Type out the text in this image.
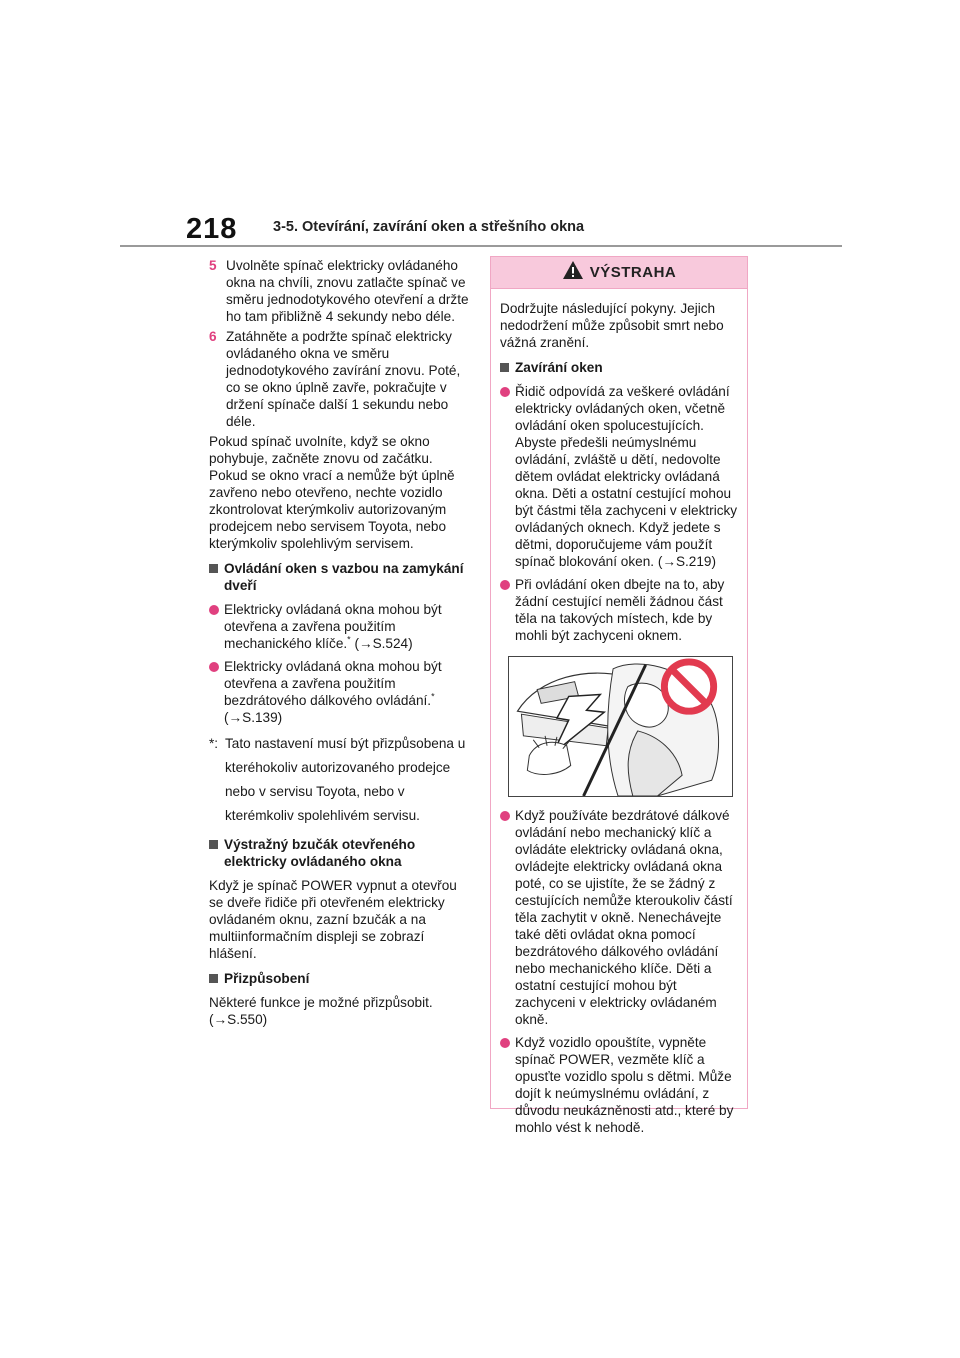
218 3-5. Otevírání, zavírání oken a střešního okna
5 Uvolněte spínač elektricky ovládaného okna na chvíli, znovu zatlačte spínač ve směru jednodotykového otevření a držte ho tam přibližně 4 sekundy nebo déle.
6 Zatáhněte a podržte spínač elektricky ovládaného okna ve směru jednodotykového zavírání znovu. Poté, co se okno úplně zavře, pokračujte v držení spínače další 1 sekundu nebo déle.
Pokud spínač uvolníte, když se okno pohybuje, začněte znovu od začátku. Pokud se okno vrací a nemůže být úplně zavřeno nebo otevřeno, nechte vozidlo zkontrolovat kterýmkoliv autorizovaným prodejcem nebo servisem Toyota, nebo kterýmkoliv spolehlivým servisem.
Ovládání oken s vazbou na zamykání dveří
Elektricky ovládaná okna mohou být otevřena a zavřena použitím mechanického klíče.* (→S.524)
Elektricky ovládaná okna mohou být otevřena a zavřena použitím bezdrátového dálkového ovládání.* (→S.139)
*: Tato nastavení musí být přizpůsobena u kteréhokoliv autorizovaného prodejce nebo v servisu Toyota, nebo v kterémkoliv spolehlivém servisu.
Výstražný bzučák otevřeného elektricky ovládaného okna
Když je spínač POWER vypnut a otevřou se dveře řidiče při otevřeném elektricky ovládaném oknu, zazní bzučák a na multiinformačním displeji se zobrazí hlášení.
Přizpůsobení
Některé funkce je možné přizpůsobit. (→S.550)
VÝSTRAHA
Dodržujte následující pokyny. Jejich nedodržení může způsobit smrt nebo vážná zranění.
Zavírání oken
Řidič odpovídá za veškeré ovládání elektricky ovládaných oken, včetně ovládání oken spolucestujících. Abyste předešli neúmyslnému ovládání, zvláště u dětí, nedovolte dětem ovládat elektricky ovládaná okna. Děti a ostatní cestující mohou být částmi těla zachyceni v elektricky ovládaných oknech. Když jedete s dětmi, doporučujeme vám použít spínač blokování oken. (→S.219)
Při ovládání oken dbejte na to, aby žádní cestující neměli žádnou část těla na takových místech, kde by mohli být zachyceni oknem.
Když používáte bezdrátové dálkové ovládání nebo mechanický klíč a ovládáte elektricky ovládaná okna, ovládejte elektricky ovládaná okna poté, co se ujistíte, že se žádný z cestujících nemůže kteroukoliv částí těla zachytit v okně. Nenechávejte také děti ovládat okna pomocí bezdrátového dálkového ovládání nebo mechanického klíče. Děti a ostatní cestující mohou být zachyceni v elektricky ovládaném okně.
Když vozidlo opouštíte, vypněte spínač POWER, vezměte klíč a opusťte vozidlo spolu s dětmi. Může dojít k neúmyslnému ovládání, z důvodu neukázněnosti atd., které by mohlo vést k nehodě.
